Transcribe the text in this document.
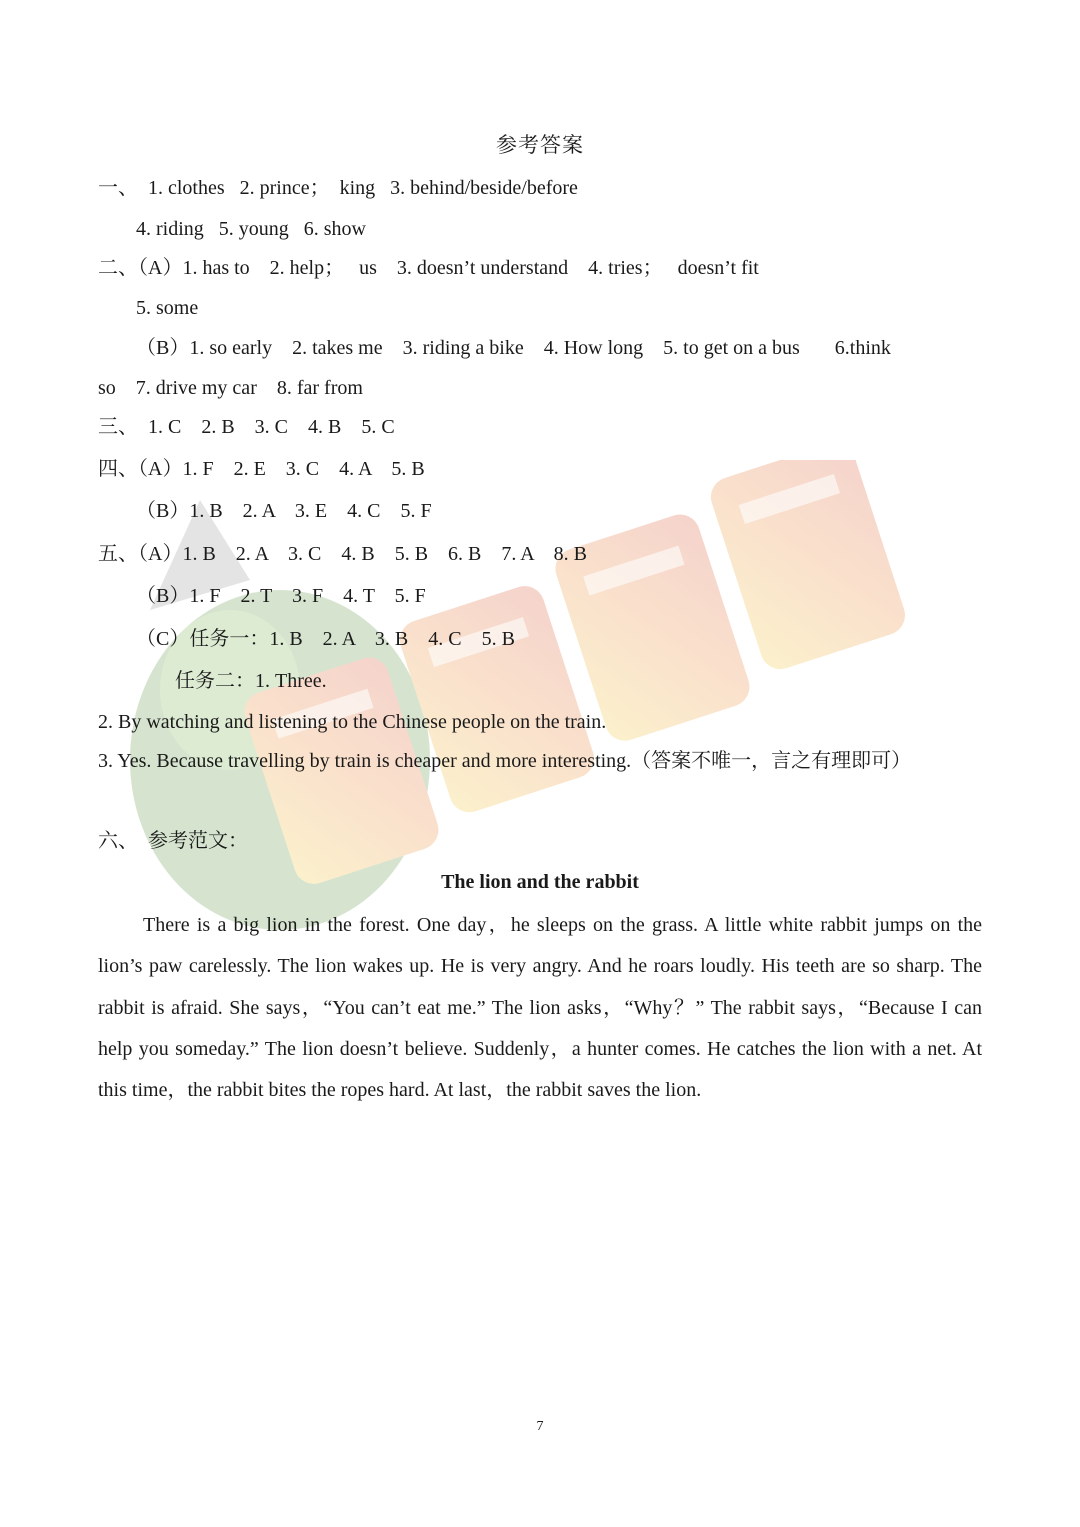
参考答案
一、  1. clothes   2. prince；  king   3. behind/beside/before
4. riding   5. young   6. show
二、（A）1. has to    2. help；   us    3. doesn’t understand    4. tries；   doesn’t fit
5. some
（B）1. so early    2. takes me    3. riding a bike    4. How long    5. to get on a bus       6.think
so    7. drive my car    8. far from
三、  1. C    2. B    3. C    4. B    5. C
四、（A）1. F    2. E    3. C    4. A    5. B
（B）1. B    2. A    3. E    4. C    5. F
五、（A）1. B    2. A    3. C    4. B    5. B    6. B    7. A    8. B
（B）1. F    2. T    3. F    4. T    5. F
（C）任务一：1. B    2. A    3. B    4. C    5. B
任务二：1. Three.
2. By watching and listening to the Chinese people on the train.
3. Yes. Because travelling by train is cheaper and more interesting.（答案不唯一，言之有理即可）
六、  参考范文：
The lion and the rabbit
There is a big lion in the forest. One day，he sleeps on the grass. A little white rabbit jumps on the lion’s paw carelessly. The lion wakes up. He is very angry. And he roars loudly. His teeth are so sharp. The rabbit is afraid. She says，“You can’t eat me.” The lion asks，“Why？” The rabbit says，“Because I can help you someday.” The lion doesn’t believe. Suddenly，a hunter comes. He catches the lion with a net. At this time，the rabbit bites the ropes hard. At last，the rabbit saves the lion.
7
